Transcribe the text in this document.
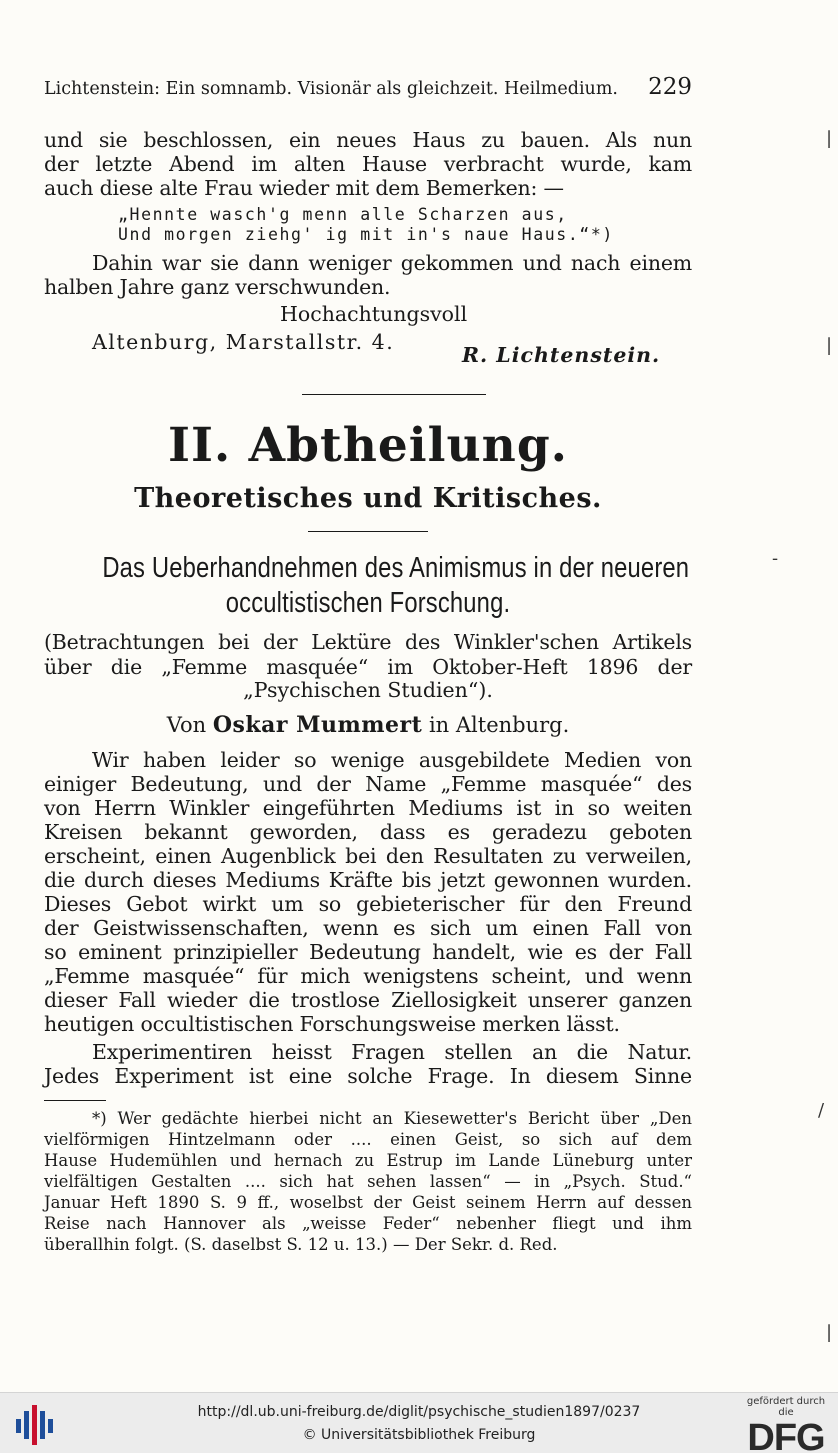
Lichtenstein: Ein somnamb. Visionär als gleichzeit. Heilmedium. 229
und sie beschlossen, ein neues Haus zu bauen. Als nun
der letzte Abend im alten Hause verbracht wurde, kam
auch diese alte Frau wieder mit dem Bemerken: —
„Hennte wasch'g menn alle Scharzen aus,
Und morgen ziehg' ig mit in's naue Haus.“*)
Dahin war sie dann weniger gekommen und nach einem
halben Jahre ganz verschwunden.
Hochachtungsvoll
Altenburg, Marstallstr. 4.
R. Lichtenstein.
II. Abtheilung.
Theoretisches und Kritisches.
Das Ueberhandnehmen des Animismus in der neueren
occultistischen Forschung.
(Betrachtungen bei der Lektüre des Winkler'schen Artikels
über die „Femme masquée“ im Oktober-Heft 1896 der
„Psychischen Studien“).
Von Oskar Mummert in Altenburg.
Wir haben leider so wenige ausgebildete Medien von
einiger Bedeutung, und der Name „Femme masquée“ des
von Herrn Winkler eingeführten Mediums ist in so weiten
Kreisen bekannt geworden, dass es geradezu geboten
erscheint, einen Augenblick bei den Resultaten zu verweilen,
die durch dieses Mediums Kräfte bis jetzt gewonnen wurden.
Dieses Gebot wirkt um so gebieterischer für den Freund
der Geistwissenschaften, wenn es sich um einen Fall von
so eminent prinzipieller Bedeutung handelt, wie es der Fall
„Femme masquée“ für mich wenigstens scheint, und wenn
dieser Fall wieder die trostlose Ziellosigkeit unserer ganzen
heutigen occultistischen Forschungsweise merken lässt.
Experimentiren heisst Fragen stellen an die Natur.
Jedes Experiment ist eine solche Frage. In diesem Sinne
*) Wer gedächte hierbei nicht an Kiesewetter's Bericht über „Den
vielförmigen Hintzelmann oder .... einen Geist, so sich auf dem
Hause Hudemühlen und hernach zu Estrup im Lande Lüneburg unter
vielfältigen Gestalten .... sich hat sehen lassen“ — in „Psych. Stud.“
Januar Heft 1890 S. 9 ff., woselbst der Geist seinem Herrn auf dessen
Reise nach Hannover als „weisse Feder“ nebenher fliegt und ihm
überallhin folgt. (S. daselbst S. 12 u. 13.) — Der Sekr. d. Red.
|
|
-
/
|
http://dl.ub.uni-freiburg.de/diglit/psychische_studien1897/0237
© Universitätsbibliothek Freiburg
gefördert durch die
DFG
